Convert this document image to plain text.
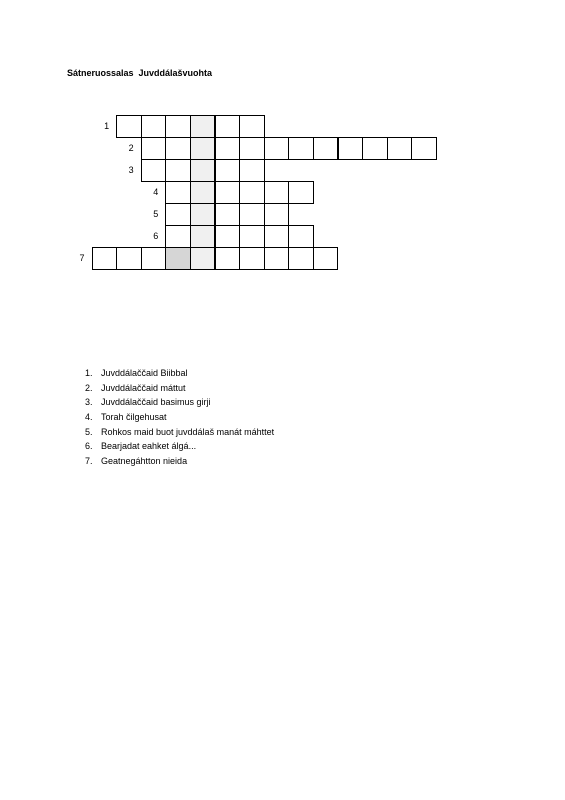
Sátneruossalas  Juvddálašvuohta
1
2
3
4
5
6
7
1. Juvddálaččaid Biibbal
2. Juvddálaččaid máttut
3. Juvddálaččaid basimus girji
4. Torah čilgehusat
5. Rohkos maid buot juvddálaš manát máhttet
6. Bearjadat eahket álgá...
7. Geatnegáhtton nieida
